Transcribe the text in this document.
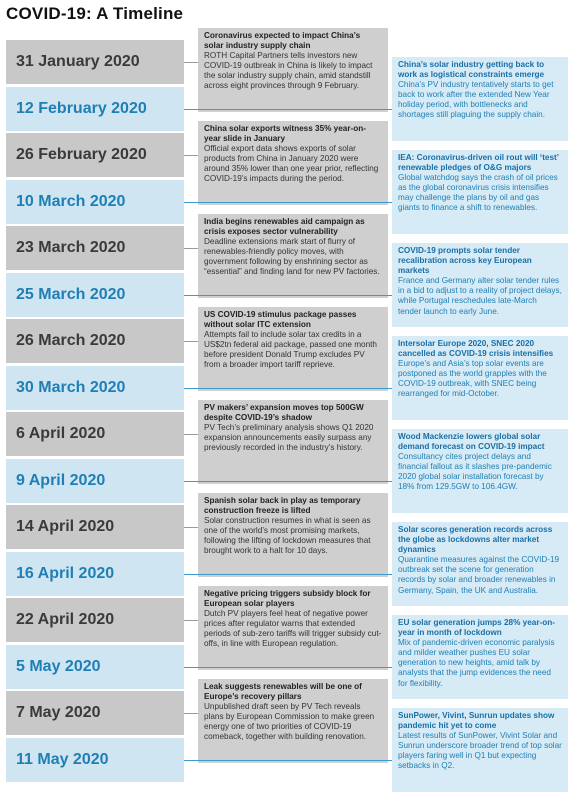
COVID-19: A Timeline
31 January 2020
Coronavirus expected to impact China’s solar industry supply chain
ROTH Capital Partners tells investors new COVID-19 outbreak in China is likely to impact the solar industry supply chain, amid standstill across eight provinces through 9 February.
12 February 2020
China’s solar industry getting back to work as logistical constraints emerge
China’s PV industry tentatively starts to get back to work after the extended New Year holiday period, with bottlenecks and shortages still plaguing the supply chain.
26 February 2020
China solar exports witness 35% year-on-year slide in January
Official export data shows exports of solar products from China in January 2020 were around 35% lower than one year prior, reflecting COVID-19’s impacts during the period.
10 March 2020
IEA: Coronavirus-driven oil rout will ‘test’ renewable pledges of O&G majors
Global watchdog says the crash of oil prices as the global coronavirus crisis intensifies may challenge the plans by oil and gas giants to finance a shift to renewables.
23 March 2020
India begins renewables aid campaign as crisis exposes sector vulnerability
Deadline extensions mark start of flurry of renewables-friendly policy moves, with government following by enshrining sector as “essential” and finding land for new PV factories.
25 March 2020
COVID-19 prompts solar tender recalibration across key European markets
France and Germany alter solar tender rules in a bid to adjust to a reality of project delays, while Portugal reschedules late-March tender launch to early June.
26 March 2020
US COVID-19 stimulus package passes without solar ITC extension
Attempts fail to include solar tax credits in a US$2tn federal aid package, passed one month before president Donald Trump excludes PV from a broader import tariff reprieve.
30 March 2020
Intersolar Europe 2020, SNEC 2020 cancelled as COVID-19 crisis intensifies
Europe’s and Asia’s top solar events are postponed as the world grapples with the COVID-19 outbreak, with SNEC being rearranged for mid-October.
6 April 2020
PV makers’ expansion moves top 500GW despite COVID-19’s shadow
PV Tech’s preliminary analysis shows Q1 2020 expansion announcements easily surpass any previously recorded in the industry’s history.
9 April 2020
Wood Mackenzie lowers global solar demand forecast on COVID-19 impact
Consultancy cites project delays and financial fallout as it slashes pre-pandemic 2020 global solar installation forecast by 18% from 129.5GW to 106.4GW.
14 April 2020
Spanish solar back in play as temporary construction freeze is lifted
Solar construction resumes in what is seen as one of the world’s most promising markets, following the lifting of lockdown measures that brought work to a halt for 10 days.
16 April 2020
Solar scores generation records across the globe as lockdowns alter market dynamics
Quarantine measures against the COVID-19 outbreak set the scene for generation records by solar and broader renewables in Germany, Spain, the UK and Australia.
22 April 2020
Negative pricing triggers subsidy block for European solar players
Dutch PV players feel heat of negative power prices after regulator warns that extended periods of sub-zero tariffs will trigger subsidy cut-offs, in line with European regulation.
5 May 2020
EU solar generation jumps 28% year-on-year in month of lockdown
Mix of pandemic-driven economic paralysis and milder weather pushes EU solar generation to new heights, amid talk by analysts that the jump evidences the need for flexibility.
7 May 2020
Leak suggests renewables will be one of Europe’s recovery pillars
Unpublished draft seen by PV Tech reveals plans by European Commission to make green energy one of two priorities of COVID-19 comeback, together with building renovation.
11 May 2020
SunPower, Vivint, Sunrun updates show pandemic hit yet to come
Latest results of SunPower, Vivint Solar and Sunrun underscore broader trend of top solar players faring well in Q1 but expecting setbacks in Q2.
